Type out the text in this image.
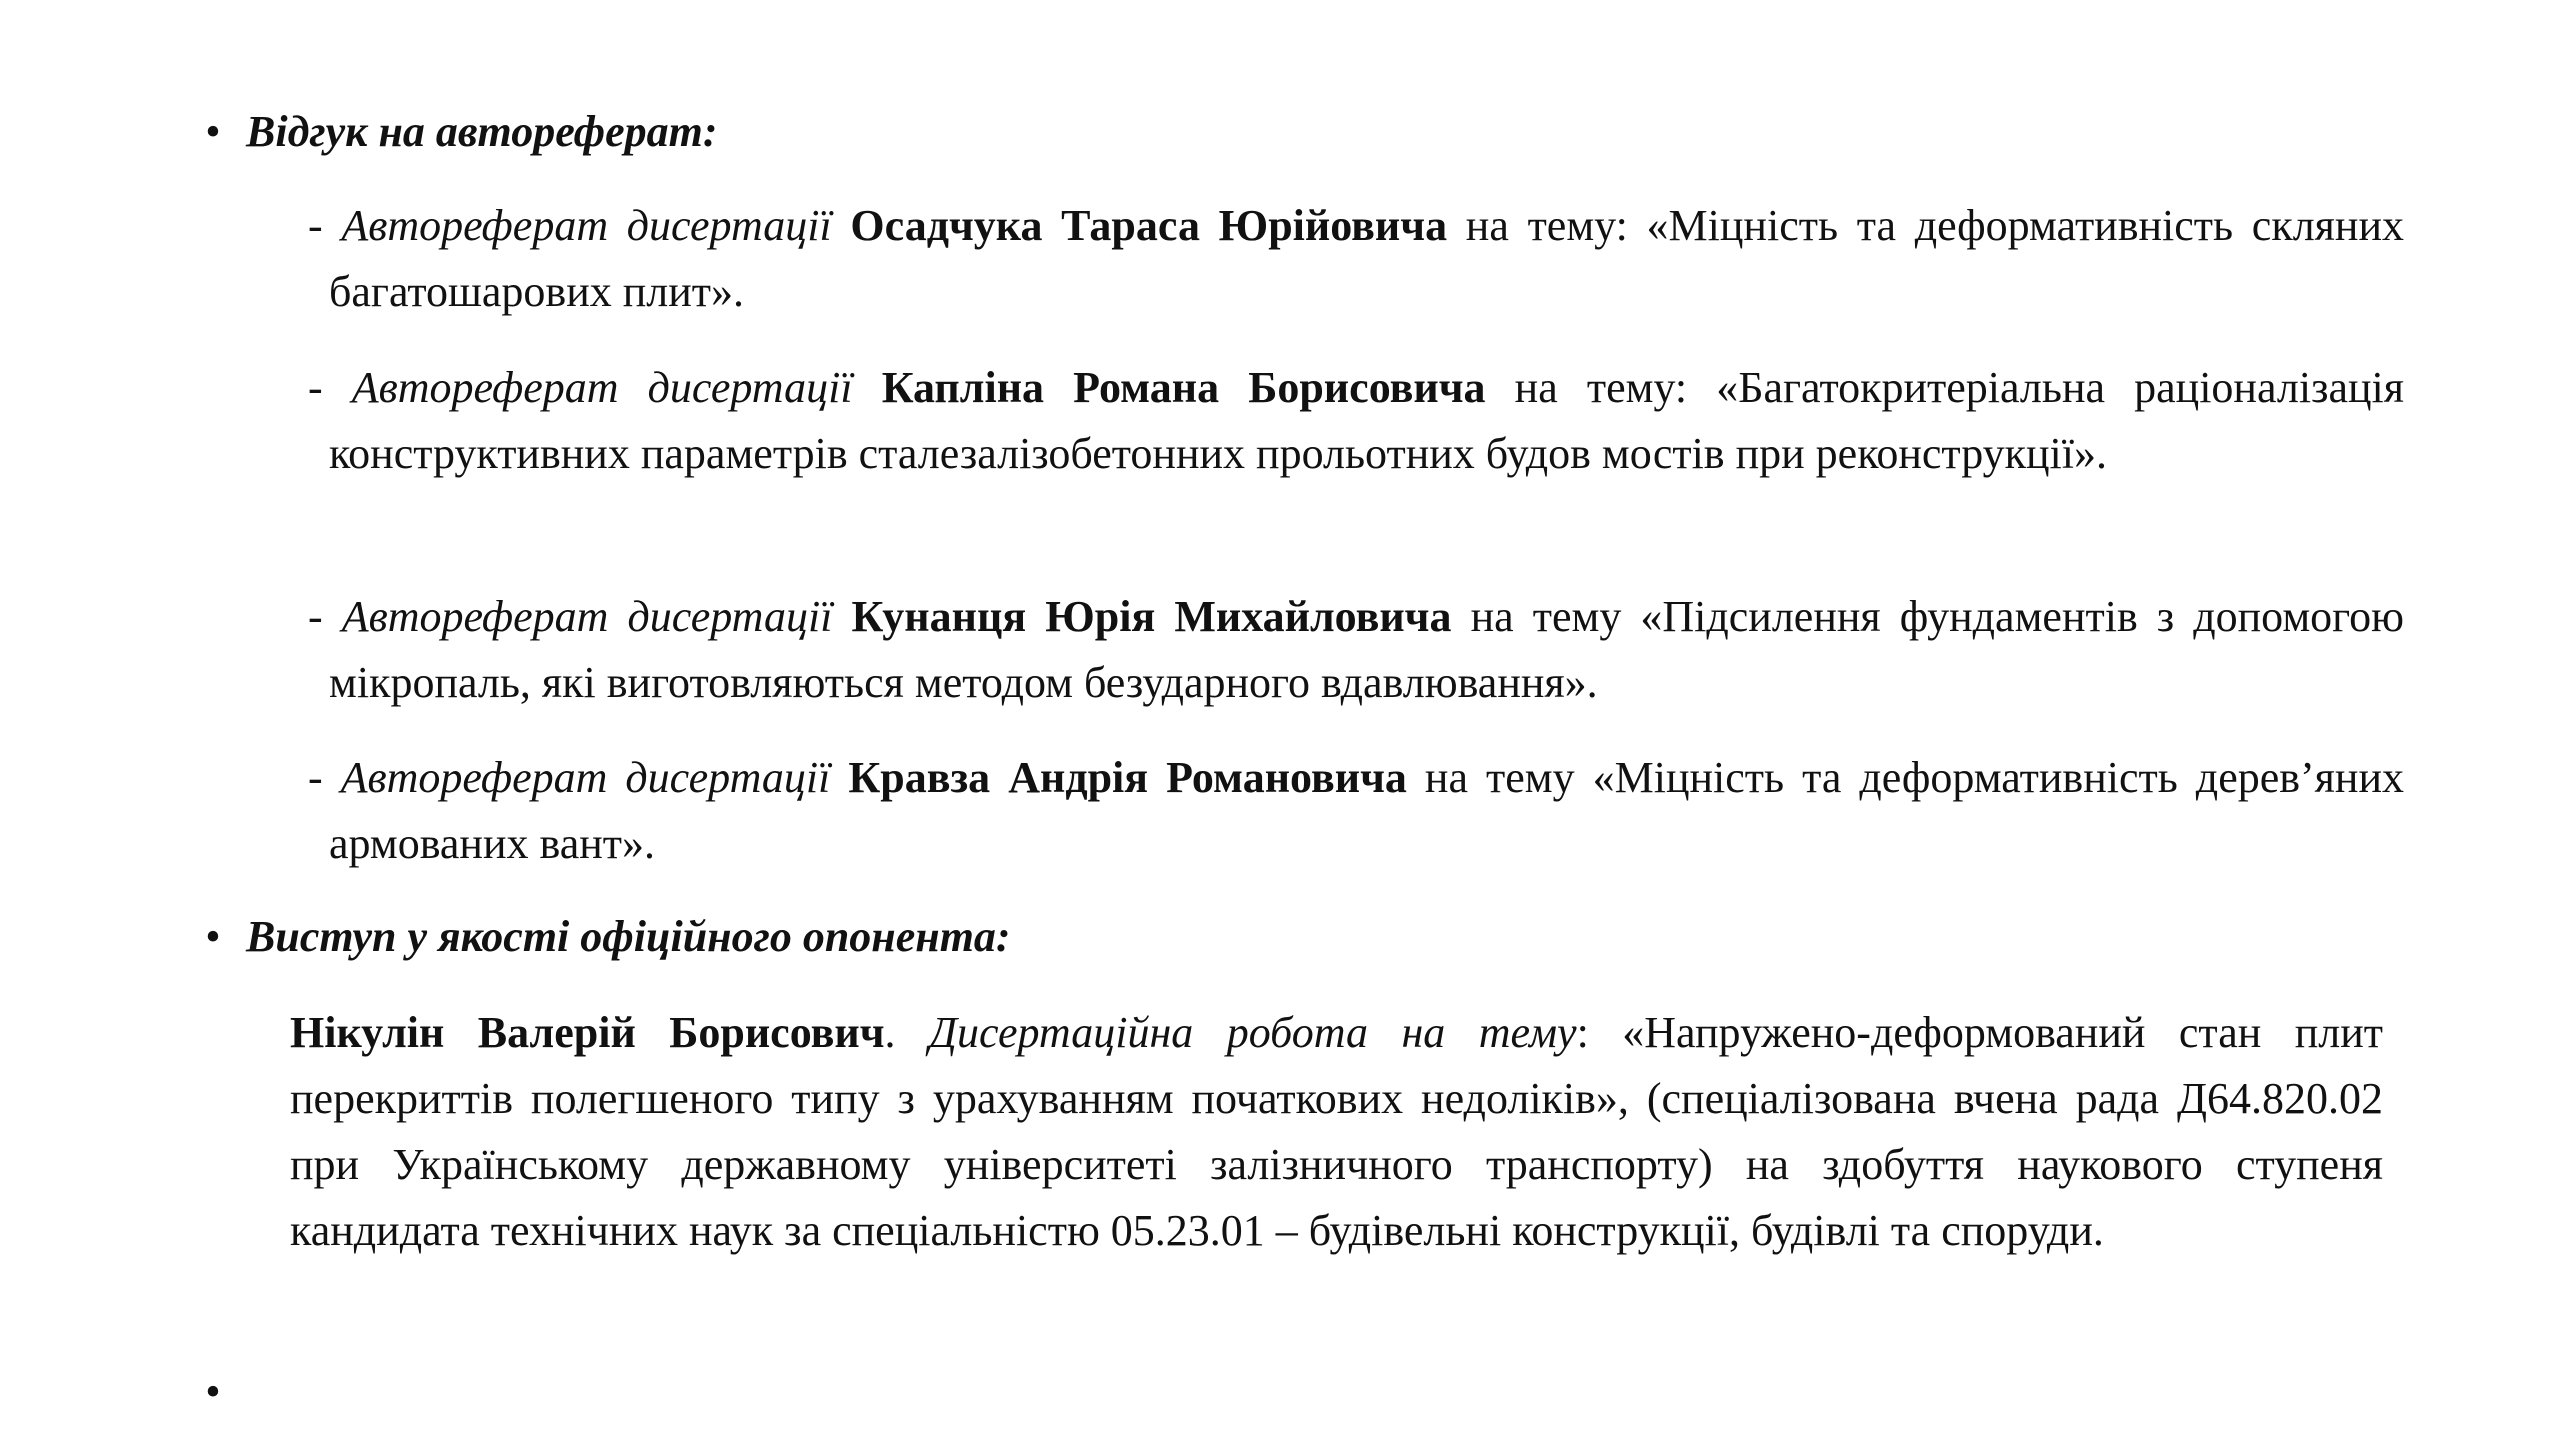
• Відгук на автореферат:

- Автореферат дисертації Осадчука Тараса Юрійовича на тему: «Міцність та деформативність скляних багатошарових плит».

- Автореферат дисертації Капліна Романа Борисовича на тему: «Багатокритеріальна раціоналізація конструктивних параметрів сталезалізобетонних прольотних будов мостів при реконструкції».

- Автореферат дисертації Кунанця Юрія Михайловича на тему «Підсилення фундаментів з допомогою мікропаль, які виготовляються методом безударного вдавлювання».

- Автореферат дисертації Кравза Андрія Романовича на тему «Міцність та деформативність дерев’яних армованих вант».

• Виступ у якості офіційного опонента:

Нікулін Валерій Борисович. Дисертаційна робота на тему: «Напружено-деформований стан плит перекриттів полегшеного типу з урахуванням початкових недоліків», (спеціалізована вчена рада Д64.820.02 при Українському державному університеті залізничного транспорту) на здобуття наукового ступеня кандидата технічних наук за спеціальністю 05.23.01 – будівельні конструкції, будівлі та споруди.

•
